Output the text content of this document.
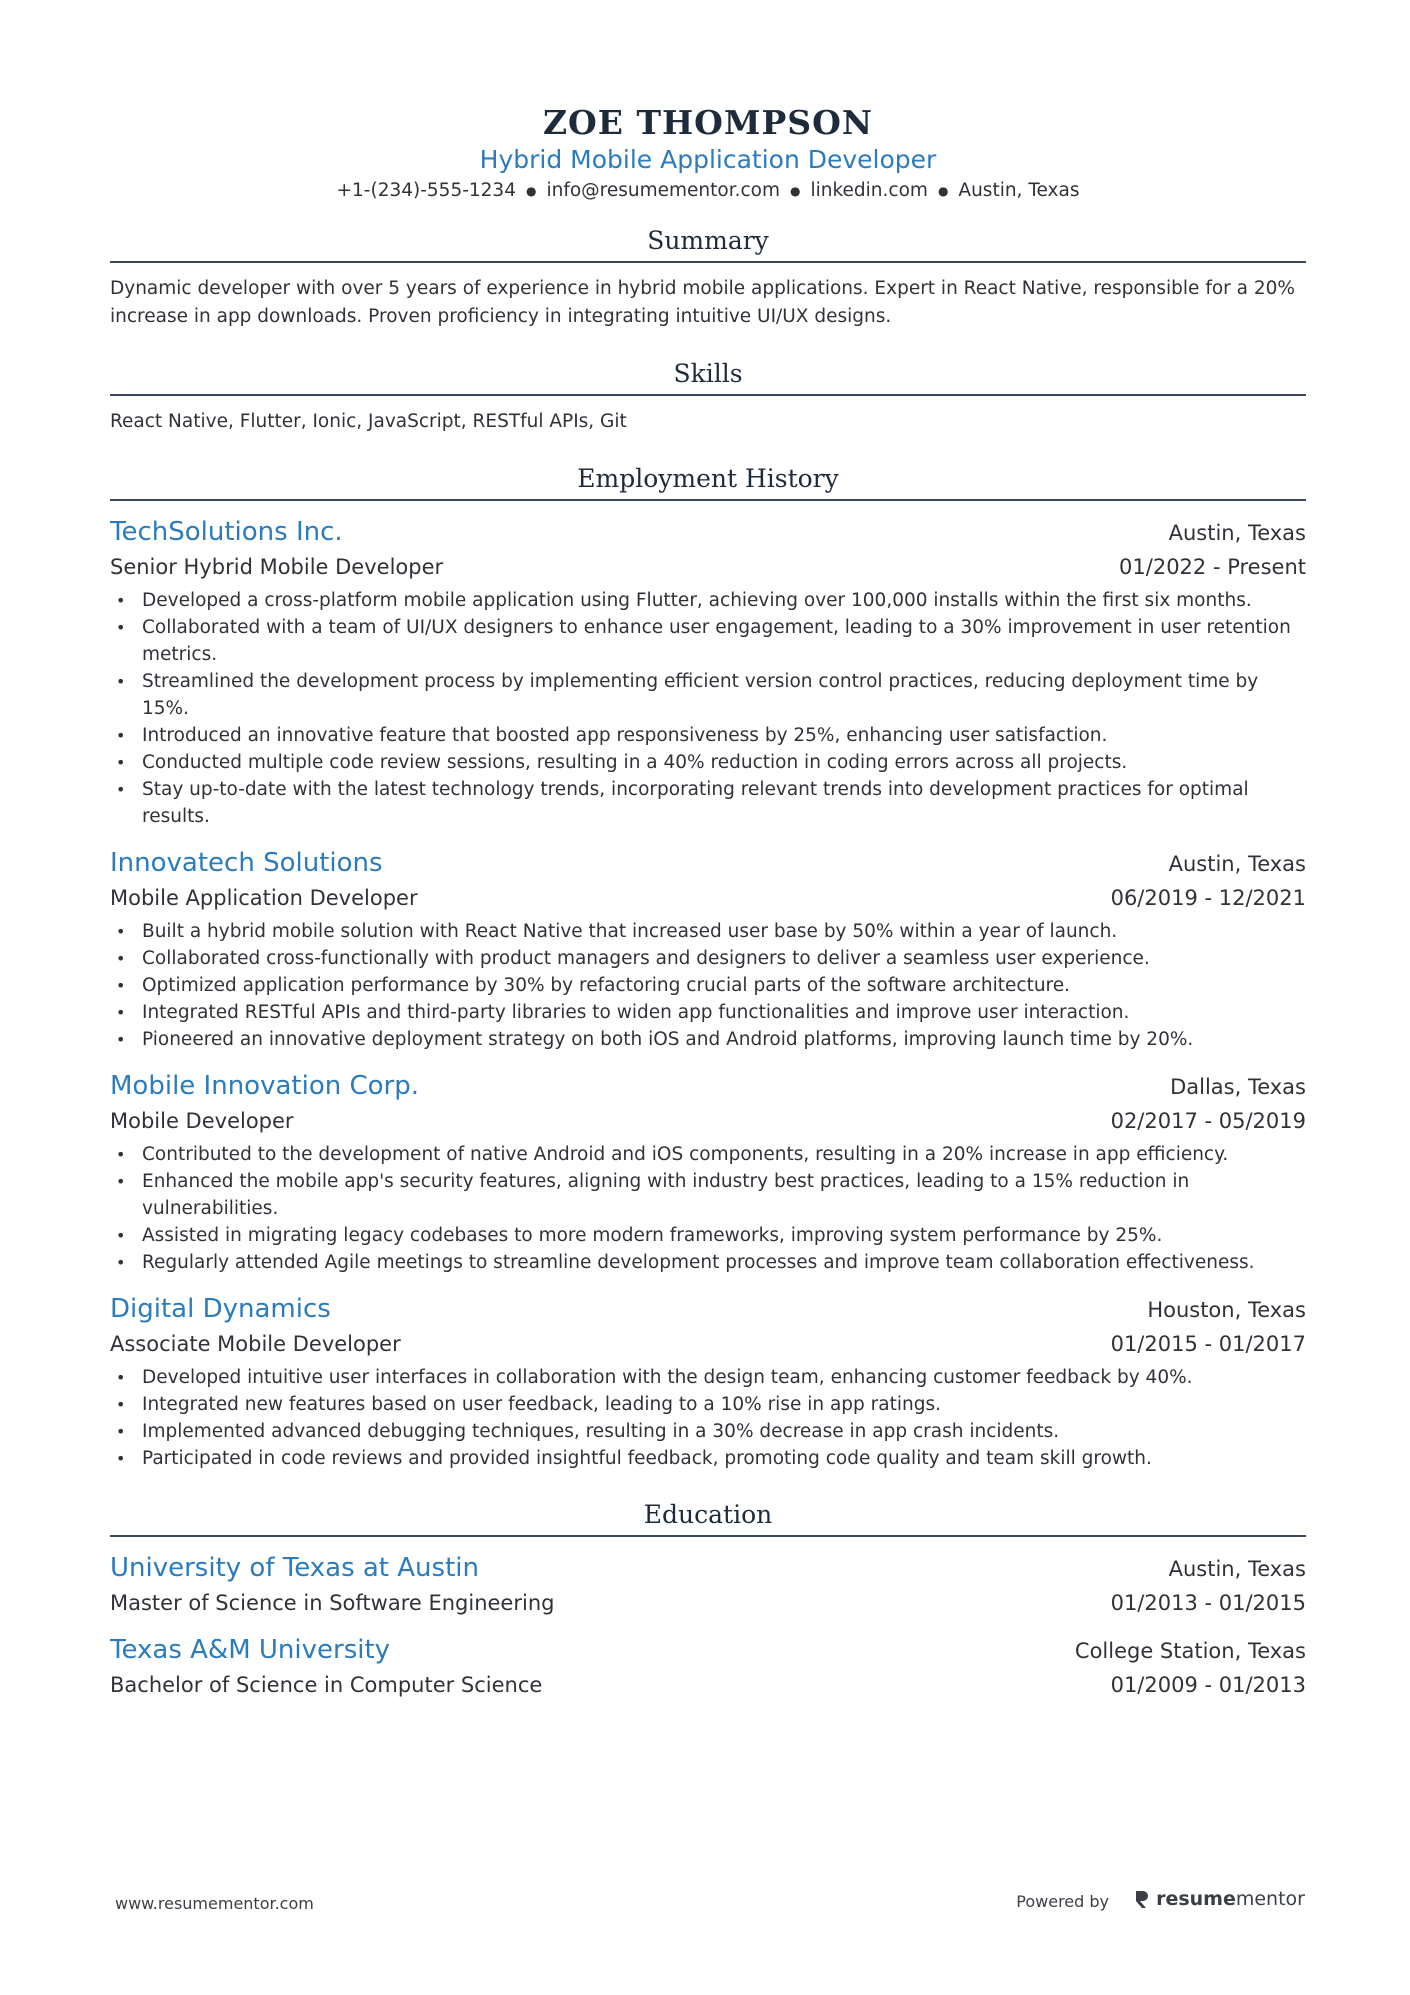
ZOE THOMPSON
Hybrid Mobile Application Developer
+1-(234)-555-1234 ● info@resumementor.com ● linkedin.com ● Austin, Texas
Summary
Dynamic developer with over 5 years of experience in hybrid mobile applications. Expert in React Native, responsible for a 20% increase in app downloads. Proven proficiency in integrating intuitive UI/UX designs.
Skills
React Native, Flutter, Ionic, JavaScript, RESTful APIs, Git
Employment History
TechSolutions Inc.	Austin, Texas
Senior Hybrid Mobile Developer	01/2022 - Present
• Developed a cross-platform mobile application using Flutter, achieving over 100,000 installs within the first six months.
• Collaborated with a team of UI/UX designers to enhance user engagement, leading to a 30% improvement in user retention metrics.
• Streamlined the development process by implementing efficient version control practices, reducing deployment time by 15%.
• Introduced an innovative feature that boosted app responsiveness by 25%, enhancing user satisfaction.
• Conducted multiple code review sessions, resulting in a 40% reduction in coding errors across all projects.
• Stay up-to-date with the latest technology trends, incorporating relevant trends into development practices for optimal results.
Innovatech Solutions	Austin, Texas
Mobile Application Developer	06/2019 - 12/2021
• Built a hybrid mobile solution with React Native that increased user base by 50% within a year of launch.
• Collaborated cross-functionally with product managers and designers to deliver a seamless user experience.
• Optimized application performance by 30% by refactoring crucial parts of the software architecture.
• Integrated RESTful APIs and third-party libraries to widen app functionalities and improve user interaction.
• Pioneered an innovative deployment strategy on both iOS and Android platforms, improving launch time by 20%.
Mobile Innovation Corp.	Dallas, Texas
Mobile Developer	02/2017 - 05/2019
• Contributed to the development of native Android and iOS components, resulting in a 20% increase in app efficiency.
• Enhanced the mobile app's security features, aligning with industry best practices, leading to a 15% reduction in vulnerabilities.
• Assisted in migrating legacy codebases to more modern frameworks, improving system performance by 25%.
• Regularly attended Agile meetings to streamline development processes and improve team collaboration effectiveness.
Digital Dynamics	Houston, Texas
Associate Mobile Developer	01/2015 - 01/2017
• Developed intuitive user interfaces in collaboration with the design team, enhancing customer feedback by 40%.
• Integrated new features based on user feedback, leading to a 10% rise in app ratings.
• Implemented advanced debugging techniques, resulting in a 30% decrease in app crash incidents.
• Participated in code reviews and provided insightful feedback, promoting code quality and team skill growth.
Education
University of Texas at Austin	Austin, Texas
Master of Science in Software Engineering	01/2013 - 01/2015
Texas A&M University	College Station, Texas
Bachelor of Science in Computer Science	01/2009 - 01/2013
www.resumementor.com	Powered by resume mentor
